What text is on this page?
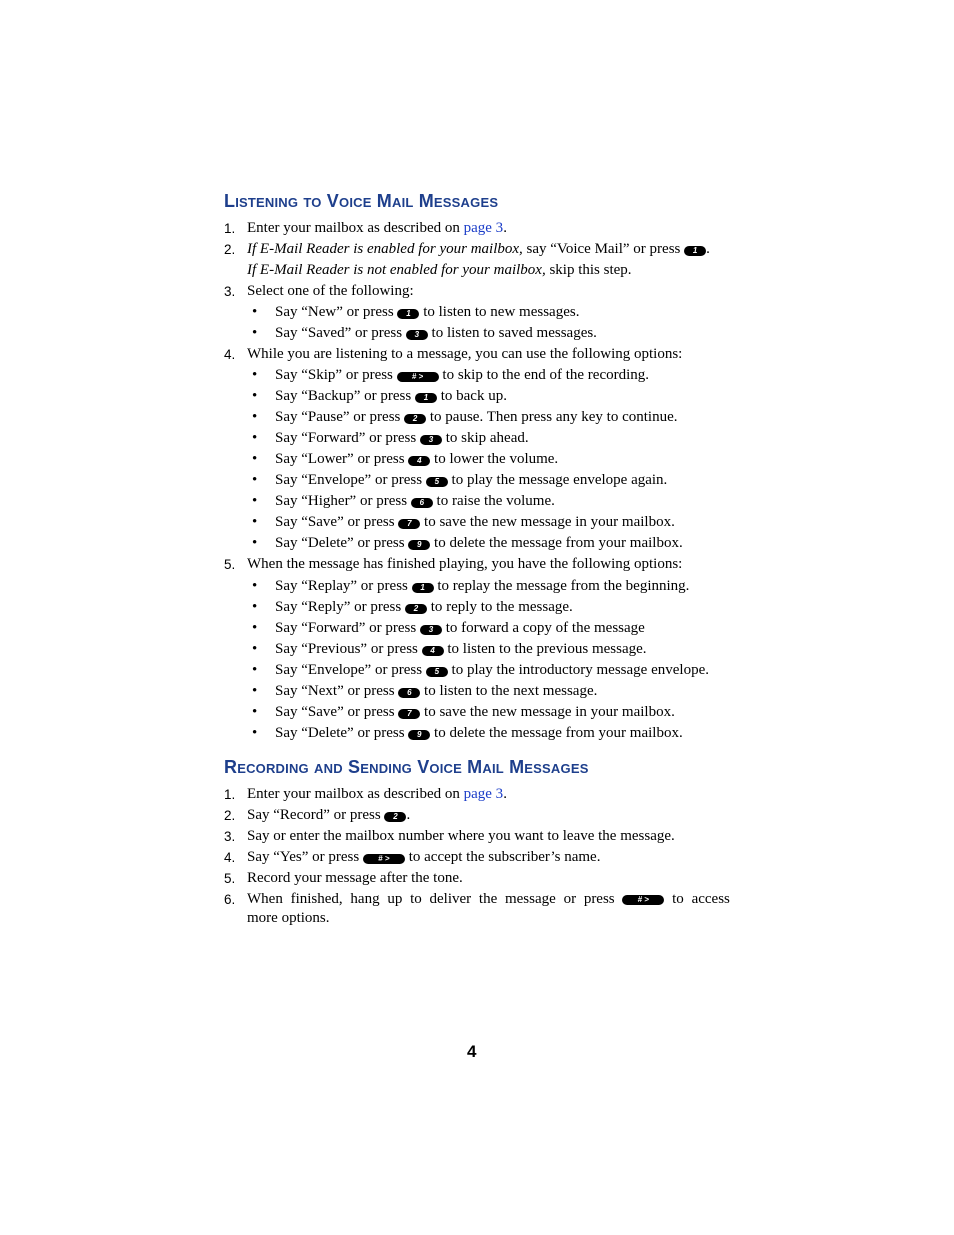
Listening to Voice Mail Messages
1. Enter your mailbox as described on page 3.
2. If E-Mail Reader is enabled for your mailbox, say “Voice Mail” or press 1 .
If E-Mail Reader is not enabled for your mailbox, skip this step.
3. Select one of the following:
• Say “New” or press 1 to listen to new messages.
• Say “Saved” or press 3 to listen to saved messages.
4. While you are listening to a message, you can use the following options:
• Say “Skip” or press # > to skip to the end of the recording.
• Say “Backup” or press 1 to back up.
• Say “Pause” or press 2 to pause. Then press any key to continue.
• Say “Forward” or press 3 to skip ahead.
• Say “Lower” or press 4 to lower the volume.
• Say “Envelope” or press 5 to play the message envelope again.
• Say “Higher” or press 6 to raise the volume.
• Say “Save” or press 7 to save the new message in your mailbox.
• Say “Delete” or press 9 to delete the message from your mailbox.
5. When the message has finished playing, you have the following options:
• Say “Replay” or press 1 to replay the message from the beginning.
• Say “Reply” or press 2 to reply to the message.
• Say “Forward” or press 3 to forward a copy of the message
• Say “Previous” or press 4 to listen to the previous message.
• Say “Envelope” or press 5 to play the introductory message envelope.
• Say “Next” or press 6 to listen to the next message.
• Say “Save” or press 7 to save the new message in your mailbox.
• Say “Delete” or press 9 to delete the message from your mailbox.
Recording and Sending Voice Mail Messages
1. Enter your mailbox as described on page 3.
2. Say “Record” or press 2 .
3. Say or enter the mailbox number where you want to leave the message.
4. Say “Yes” or press # > to accept the subscriber’s name.
5. Record your message after the tone.
6. When finished, hang up to deliver the message or press	# >	to access
more options.
4
